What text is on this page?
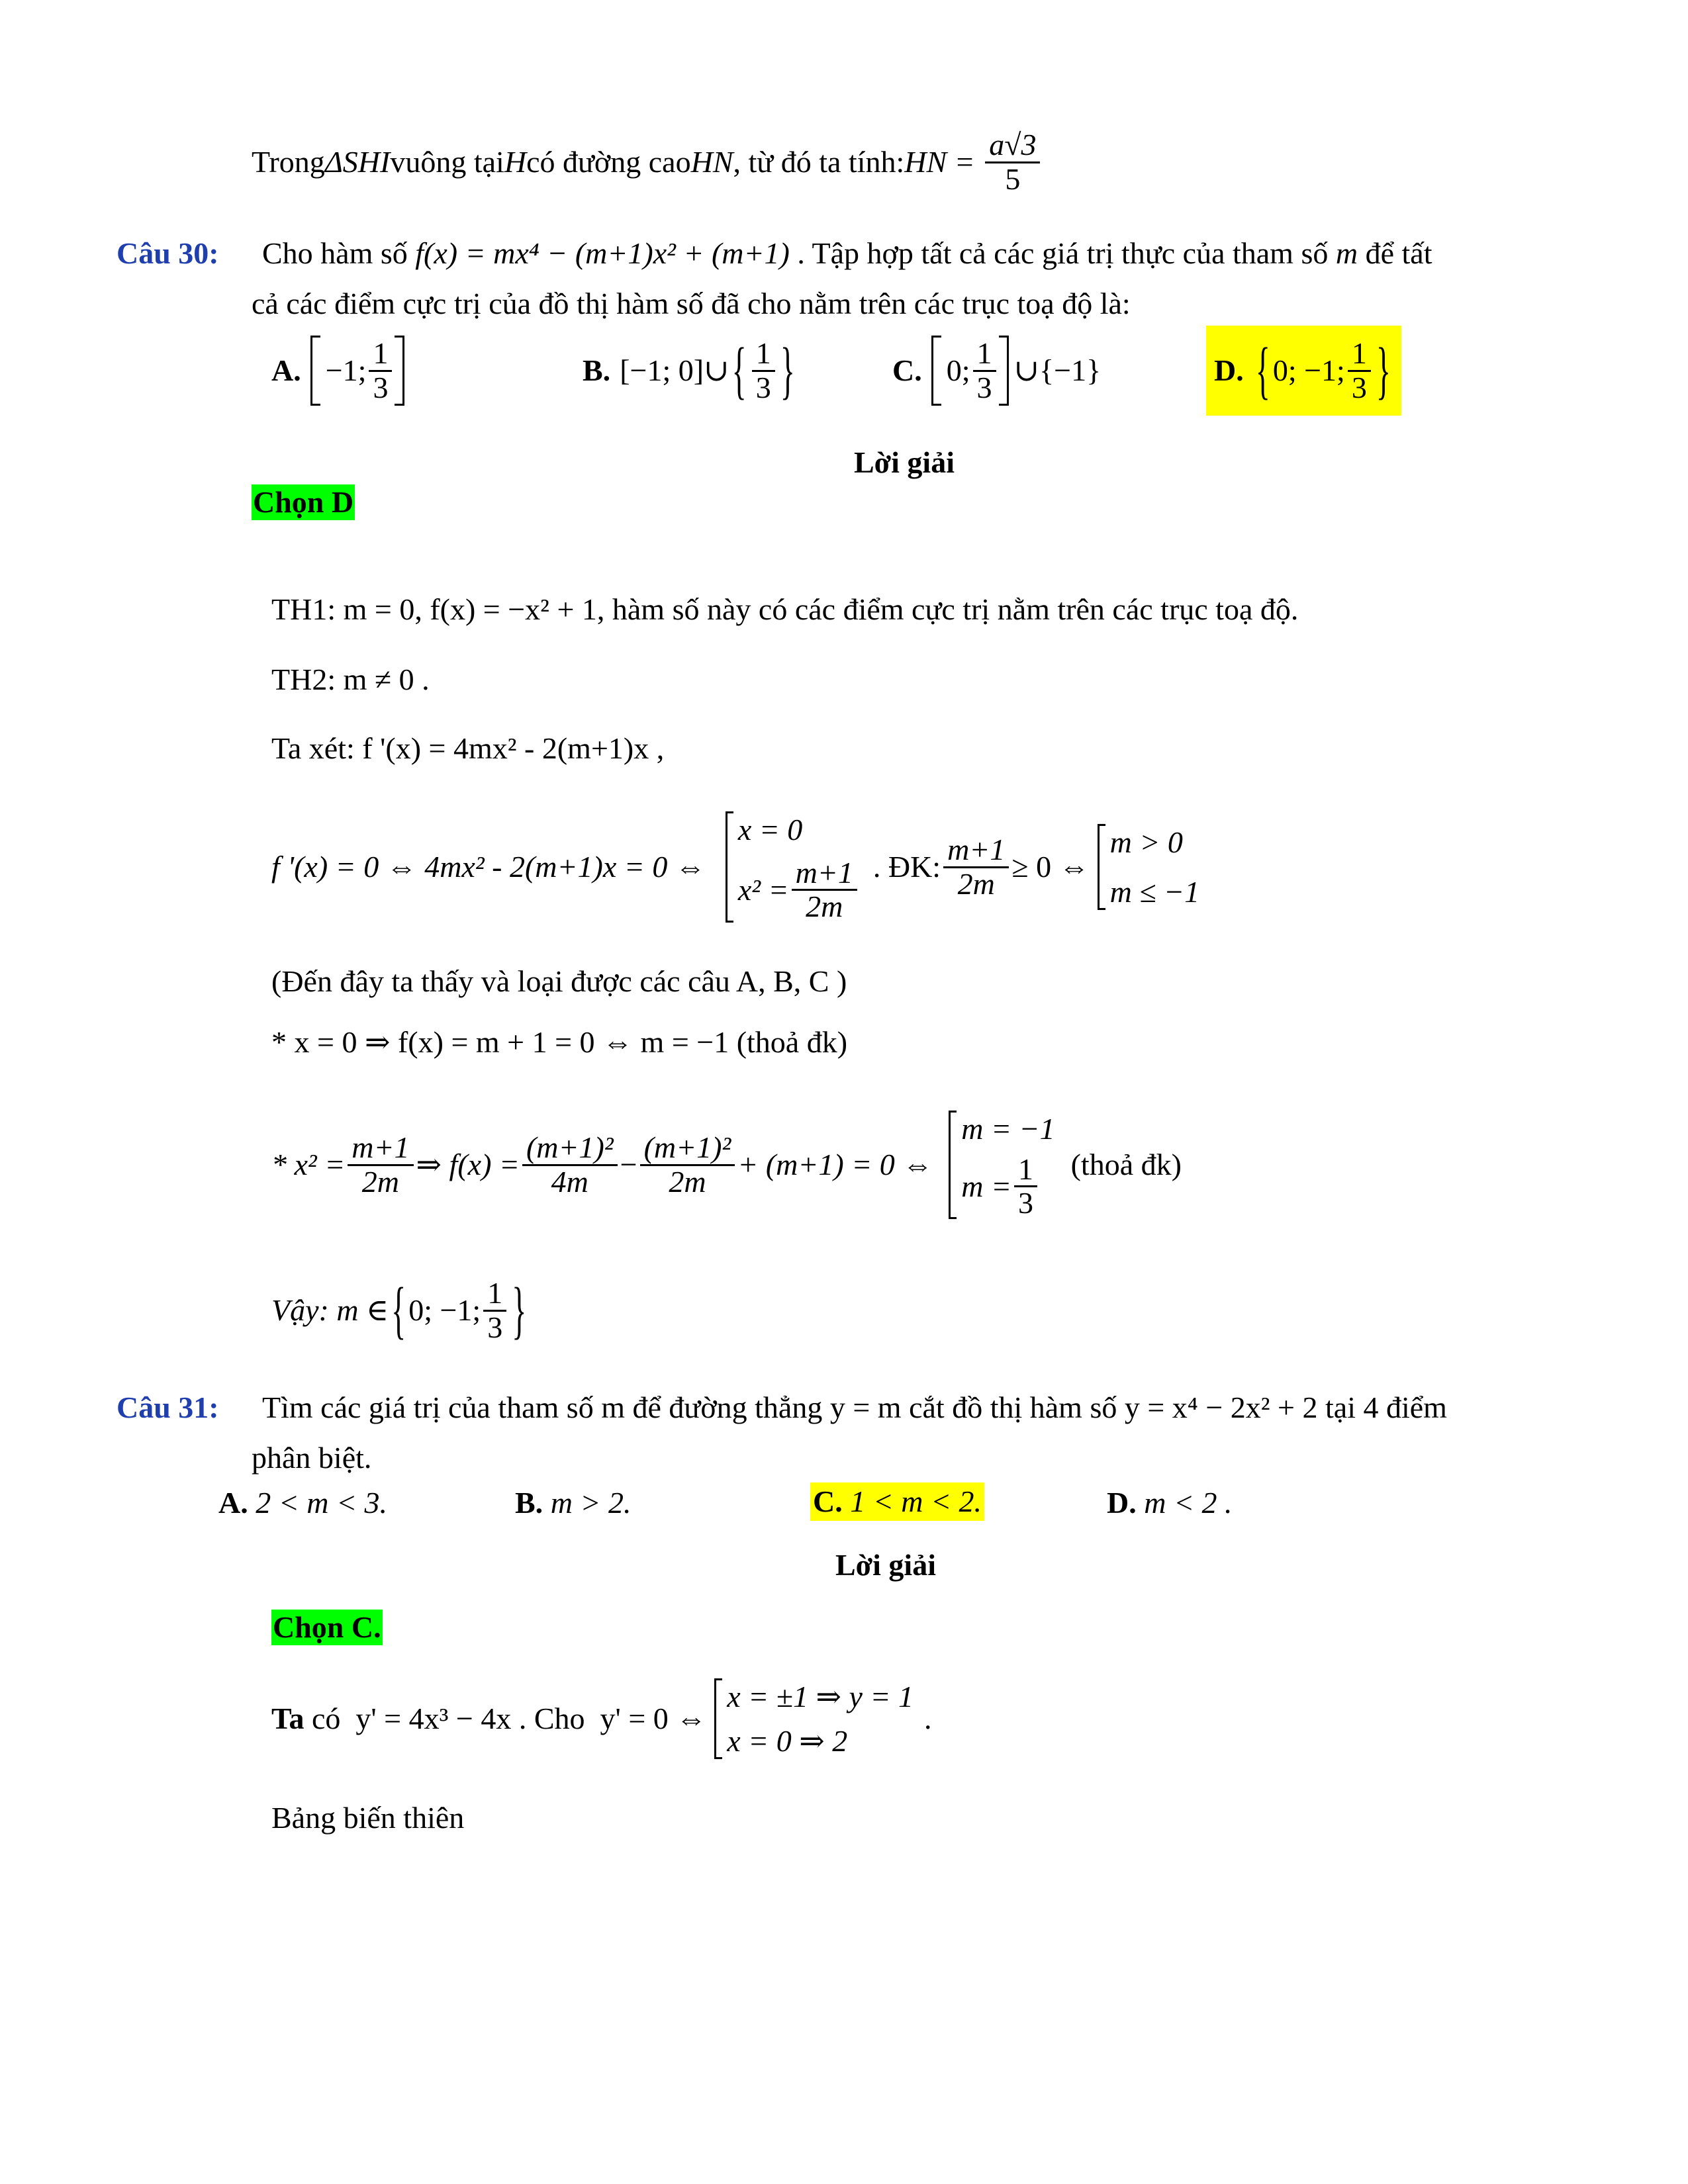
Trong ΔSHI vuông tại H có đường cao HN , từ đó ta tính: HN = $\frac{a√3}{5}$
Câu 30: Cho hàm số f(x) = mx⁴ − (m+1)x² + (m+1) . Tập hợp tất cả các giá trị thực của tham số m để tất
cả các điểm cực trị của đồ thị hàm số đã cho nằm trên các trục toạ độ là:
A. −1; $\frac{1}{3}$	B. [−1; 0]∪ { $\frac{1}{3}$ }	C. 0; $\frac{1}{3}$ ∪{−1}	D. { 0; −1; $\frac{1}{3}$ }
Lời giải
Chọn D
TH1: m = 0, f(x) = −x² + 1, hàm số này có các điểm cực trị nằm trên các trục toạ độ.
TH2: m ≠ 0 .
Ta xét: f '(x) = 4mx² - 2(m+1)x ,
f '(x) = 0 ⇔ 4mx² - 2(m+1)x = 0 ⇔
x = 0
$x^2 = \frac{m+1}{2m}$ . ĐK: $\frac{m+1}{2m} \ge 0$ ⇔
m > 0
m ≤ −1
(Đến đây ta thấy và loại được các câu A, B, C )
* x = 0 ⇒ f(x) = m + 1 = 0 ⇔ m = −1 (thoả đk)
* $x^2 = \frac{m+1}{2m}$ ⇒ $f(x) = \frac{\text{(m+1)²}}{4m} - \frac{\text{(m+1)²}}{2m} + (m+1) = 0$ ⇔
m = −1
$m = \frac{1}{3}$ (thoả đk)
Vậy: m ∈ { 0; −1; $\frac{1}{3}$ }
Câu 31: Tìm các giá trị của tham số m để đường thẳng y = m cắt đồ thị hàm số y = x⁴ − 2x² + 2 tại 4 điểm
phân biệt.
A. 2 < m < 3.	B. m > 2.	C. 1 < m < 2.	D. m < 2 .
Lời giải
Chọn C.
Ta có  y' = 4x³ − 4x . Cho  y' = 0 ⇔
x = ±1 ⇒ y = 1
x = 0 ⇒ 2
.
Bảng biến thiên
